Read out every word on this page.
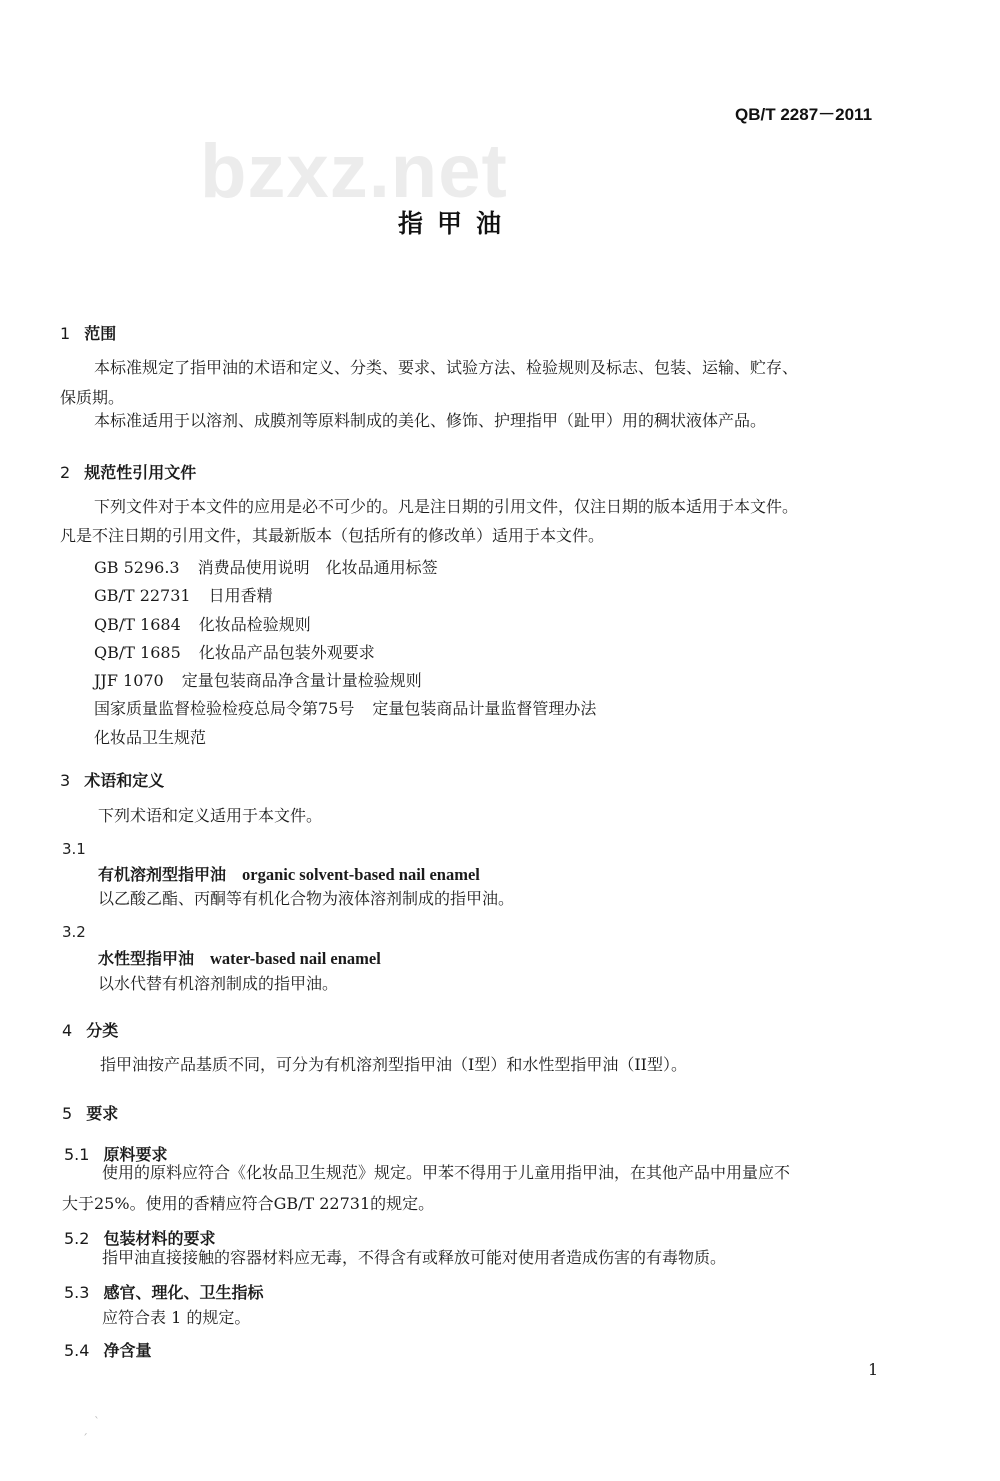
bzxz.net
QB/T 2287－2011
指甲油
1 范围
本标准规定了指甲油的术语和定义、分类、要求、试验方法、检验规则及标志、包装、运输、贮存、
保质期。
本标准适用于以溶剂、成膜剂等原料制成的美化、修饰、护理指甲（趾甲）用的稠状液体产品。
2 规范性引用文件
下列文件对于本文件的应用是必不可少的。凡是注日期的引用文件，仅注日期的版本适用于本文件。
凡是不注日期的引用文件，其最新版本（包括所有的修改单）适用于本文件。
GB 5296.3 消费品使用说明　化妆品通用标签
GB/T 22731 日用香精
QB/T 1684 化妆品检验规则
QB/T 1685 化妆品产品包装外观要求
JJF 1070 定量包装商品净含量计量检验规则
国家质量监督检验检疫总局令第75号 定量包装商品计量监督管理办法
化妆品卫生规范
3 术语和定义
下列术语和定义适用于本文件。
3.1
有机溶剂型指甲油 organic solvent-based nail enamel
以乙酸乙酯、丙酮等有机化合物为液体溶剂制成的指甲油。
3.2
水性型指甲油 water-based nail enamel
以水代替有机溶剂制成的指甲油。
4 分类
指甲油按产品基质不同，可分为有机溶剂型指甲油（I型）和水性型指甲油（II型）。
5 要求
5.1 原料要求
使用的原料应符合《化妆品卫生规范》规定。甲苯不得用于儿童用指甲油，在其他产品中用量应不
大于25%。使用的香精应符合GB/T 22731的规定。
5.2 包装材料的要求
指甲油直接接触的容器材料应无毒，不得含有或释放可能对使用者造成伤害的有毒物质。
5.3 感官、理化、卫生指标
应符合表 1 的规定。
5.4 净含量
1
ˋ
ˊ
